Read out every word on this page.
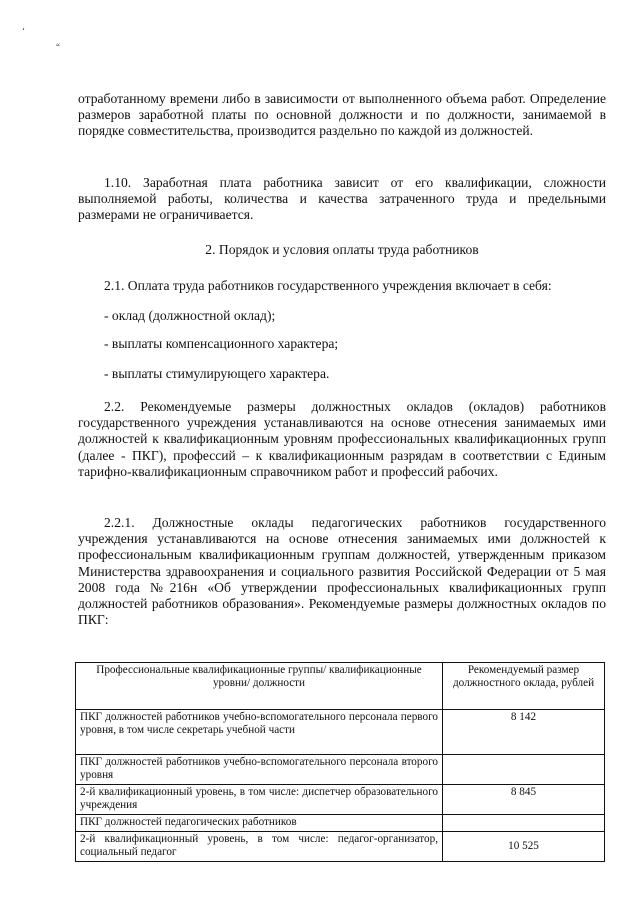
‘
“

отработанному времени либо в зависимости от выполненного объема работ. Определение размеров заработной платы по основной должности и по должности, занимаемой в порядке совместительства, производится раздельно по каждой из должностей.

1.10. Заработная плата работника зависит от его квалификации, сложности выполняемой работы, количества и качества затраченного труда и предельными размерами не ограничивается.

2. Порядок и условия оплаты труда работников
2.1. Оплата труда работников государственного учреждения включает в себя:
- оклад (должностной оклад);
- выплаты компенсационного характера;
- выплаты стимулирующего характера.

2.2. Рекомендуемые размеры должностных окладов (окладов) работников государственного учреждения устанавливаются на основе отнесения занимаемых ими должностей к квалификационным уровням профессиональных квалификационных групп (далее - ПКГ), профессий – к квалификационным разрядам в соответствии с Единым тарифно-квалификационным справочником работ и профессий рабочих.

2.2.1. Должностные оклады педагогических работников государственного учреждения устанавливаются на основе отнесения занимаемых ими должностей к профессиональным квалификационным группам должностей, утвержденным приказом Министерства здравоохранения и социального развития Российской Федерации от 5 мая 2008 года №216н «Об утверждении профессиональных квалификационных групп должностей работников образования». Рекомендуемые размеры должностных окладов по ПКГ:

Профессиональные квалификационные группы/ квалификационные уровни/ должности	Рекомендуемый размер должностного оклада, рублей
ПКГ должностей работников учебно-вспомогательного персонала первого уровня, в том числе секретарь учебной части	8 142
ПКГ должностей работников учебно-вспомогательного персонала второго уровня	
2-й квалификационный уровень, в том числе: диспетчер образовательного учреждения	8 845
ПКГ должностей педагогических работников	
2-й квалификационный уровень, в том числе: педагог-организатор, социальный педагог	10 525
